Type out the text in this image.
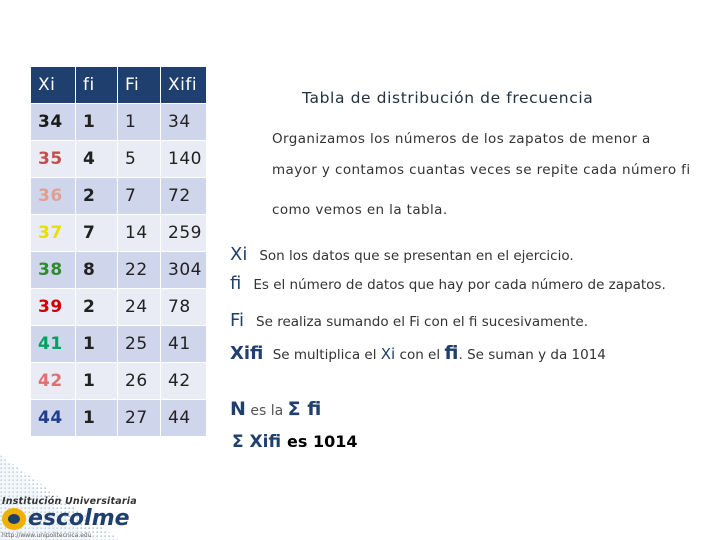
Xi	fi	Fi	Xifi
34	1	1	34
35	4	5	140
36	2	7	72
37	7	14	259
38	8	22	304
39	2	24	78
41	1	25	41
42	1	26	42
44	1	27	44
Tabla de distribución de frecuencia
Organizamos los números de los zapatos de menor a
mayor y contamos cuantas veces se repite cada número fi
como vemos en la tabla.
Xi Son los datos que se presentan en el ejercicio.
fi Es el número de datos que hay por cada número de zapatos.
Fi Se realiza sumando el Fi con el fi sucesivamente.
Xifi Se multiplica el Xi con el fi. Se suman y da 1014
N es la Σ fi
Σ Xifi es 1014
Institución Universitaria
escolme
http://www.unipolitecnica.edu
